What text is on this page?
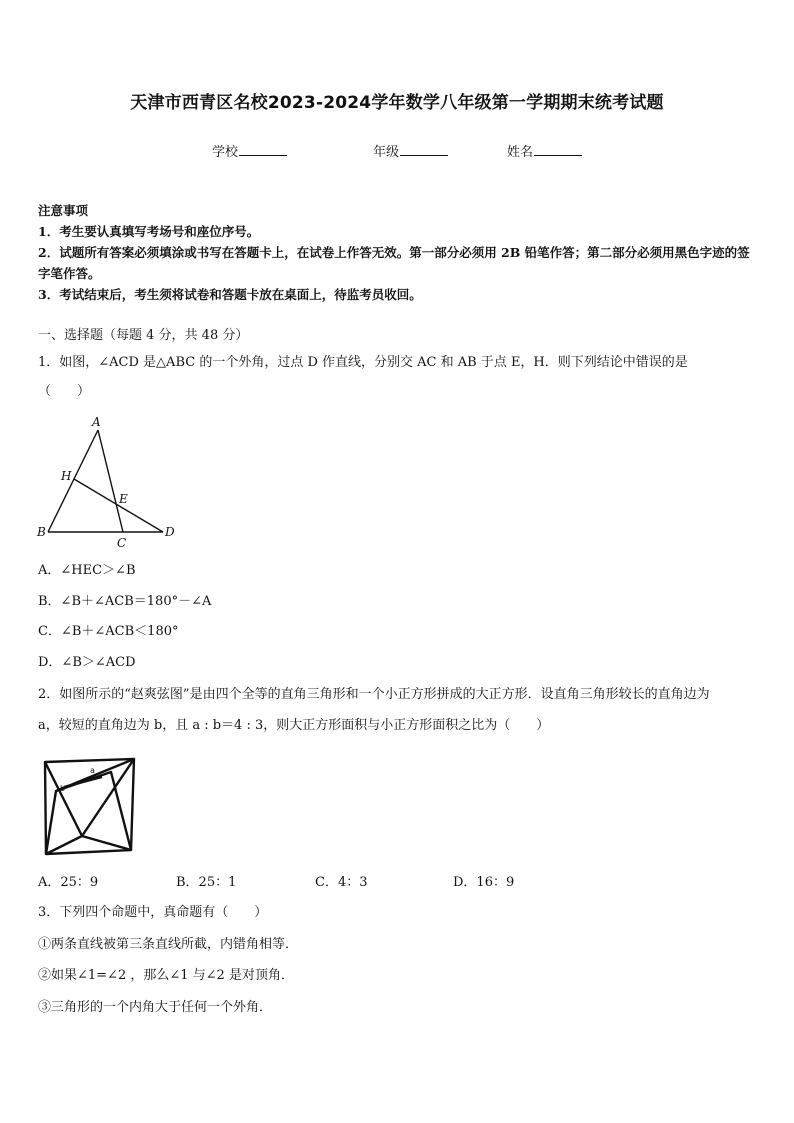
天津市西青区名校2023-2024学年数学八年级第一学期期末统考试题
学校	年级	姓名
注意事项
1．考生要认真填写考场号和座位序号。
2．试题所有答案必须填涂或书写在答题卡上，在试卷上作答无效。第一部分必须用 2B 铅笔作答；第二部分必须用黑色字迹的签字笔作答。
3．考试结束后，考生须将试卷和答题卡放在桌面上，待监考员收回。
一、选择题（每题 4 分，共 48 分）
1．如图，∠ACD 是△ABC 的一个外角，过点 D 作直线，分别交 AC 和 AB 于点 E，H．则下列结论中错误的是
（　　）
A
B
C
D
E
H
A．∠HEC＞∠B
B．∠B＋∠ACB＝180°－∠A
C．∠B＋∠ACB＜180°
D．∠B＞∠ACD
2．如图所示的“赵爽弦图”是由四个全等的直角三角形和一个小正方形拼成的大正方形．设直角三角形较长的直角边为
a，较短的直角边为 b，且 a : b＝4 : 3，则大正方形面积与小正方形面积之比为（　　）
a
b
A．25：9	B．25：1	C．4：3	D．16：9
3．下列四个命题中，真命题有（　　）
①两条直线被第三条直线所截，内错角相等．
②如果∠1=∠2 ，那么∠1 与∠2 是对顶角．
③三角形的一个内角大于任何一个外角．
